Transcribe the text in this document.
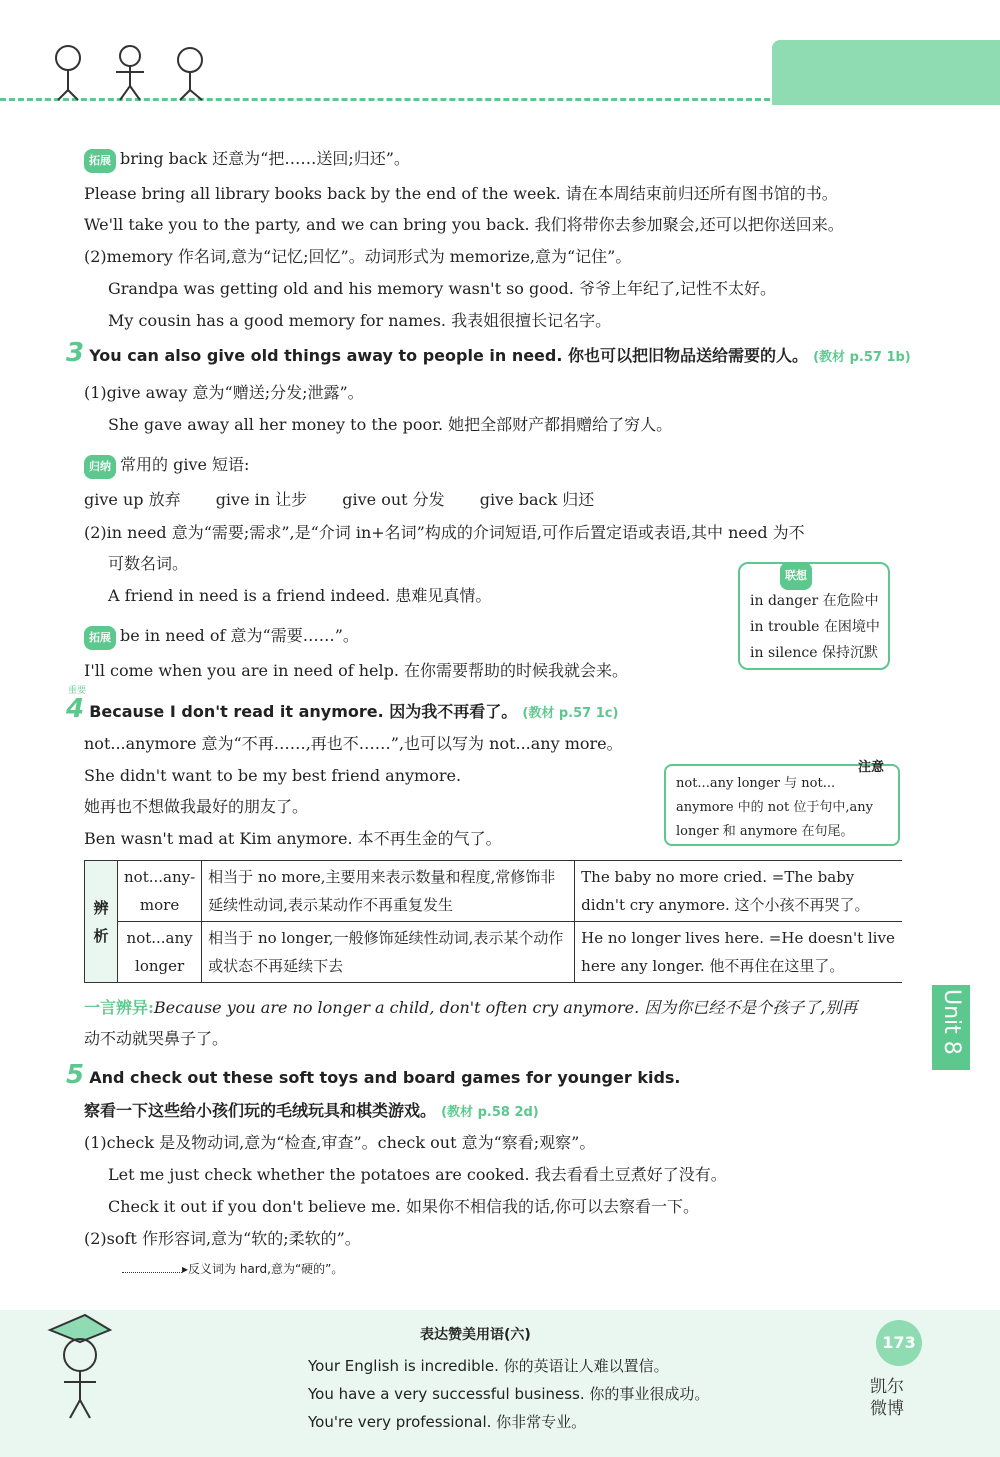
拓展 bring back 还意为“把……送回;归还”。
Please bring all library books back by the end of the week. 请在本周结束前归还所有图书馆的书。
We'll take you to the party, and we can bring you back. 我们将带你去参加聚会,还可以把你送回来。
(2)memory 作名词,意为“记忆;回忆”。动词形式为 memorize,意为“记住”。
Grandpa was getting old and his memory wasn't so good. 爷爷上年纪了,记性不太好。
My cousin has a good memory for names. 我表姐很擅长记名字。
3 You can also give old things away to people in need. 你也可以把旧物品送给需要的人。 (教材 p.57 1b)
(1)give away 意为“赠送;分发;泄露”。
She gave away all her money to the poor. 她把全部财产都捐赠给了穷人。
归纳 常用的 give 短语:
give up 放弃 give in 让步 give out 分发 give back 归还
(2)in need 意为“需要;需求”,是“介词 in+名词”构成的介词短语,可作后置定语或表语,其中 need 为不
可数名词。
A friend in need is a friend indeed. 患难见真情。
拓展 be in need of 意为“需要……”。
I'll come when you are in need of help. 在你需要帮助的时候我就会来。
联想
in danger 在危险中
in trouble 在困境中
in silence 保持沉默
4 Because I don't read it anymore. 因为我不再看了。 (教材 p.57 1c)
重要
not...anymore 意为“不再……,再也不……”,也可以写为 not...any more。
She didn't want to be my best friend anymore.
她再也不想做我最好的朋友了。
Ben wasn't mad at Kim anymore. 本不再生金的气了。
注意
not...any longer 与 not...
anymore 中的 not 位于句中,any
longer 和 anymore 在句尾。
辨析	not...any-more	相当于 no more,主要用来表示数量和程度,常修饰非延续性动词,表示某动作不再重复发生	The baby no more cried. =The baby didn't cry anymore. 这个小孩不再哭了。
	not...any longer	相当于 no longer,一般修饰延续性动词,表示某个动作或状态不再延续下去	He no longer lives here. =He doesn't live here any longer. 他不再住在这里了。
一言辨异:Because you are no longer a child, don't often cry anymore. 因为你已经不是个孩子了,别再
动不动就哭鼻子了。	Unit 8
5 And check out these soft toys and board games for younger kids.
察看一下这些给小孩们玩的毛绒玩具和棋类游戏。 (教材 p.58 2d)
(1)check 是及物动词,意为“检查,审查”。check out 意为“察看;观察”。
Let me just check whether the potatoes are cooked. 我去看看土豆煮好了没有。
Check it out if you don't believe me. 如果你不相信我的话,你可以去察看一下。
(2)soft 作形容词,意为“软的;柔软的”。
▸反义词为 hard,意为“硬的”。
表达赞美用语(六)
Your English is incredible. 你的英语让人难以置信。
You have a very successful business. 你的事业很成功。
You're very professional. 你非常专业。
173
凯尔微博
